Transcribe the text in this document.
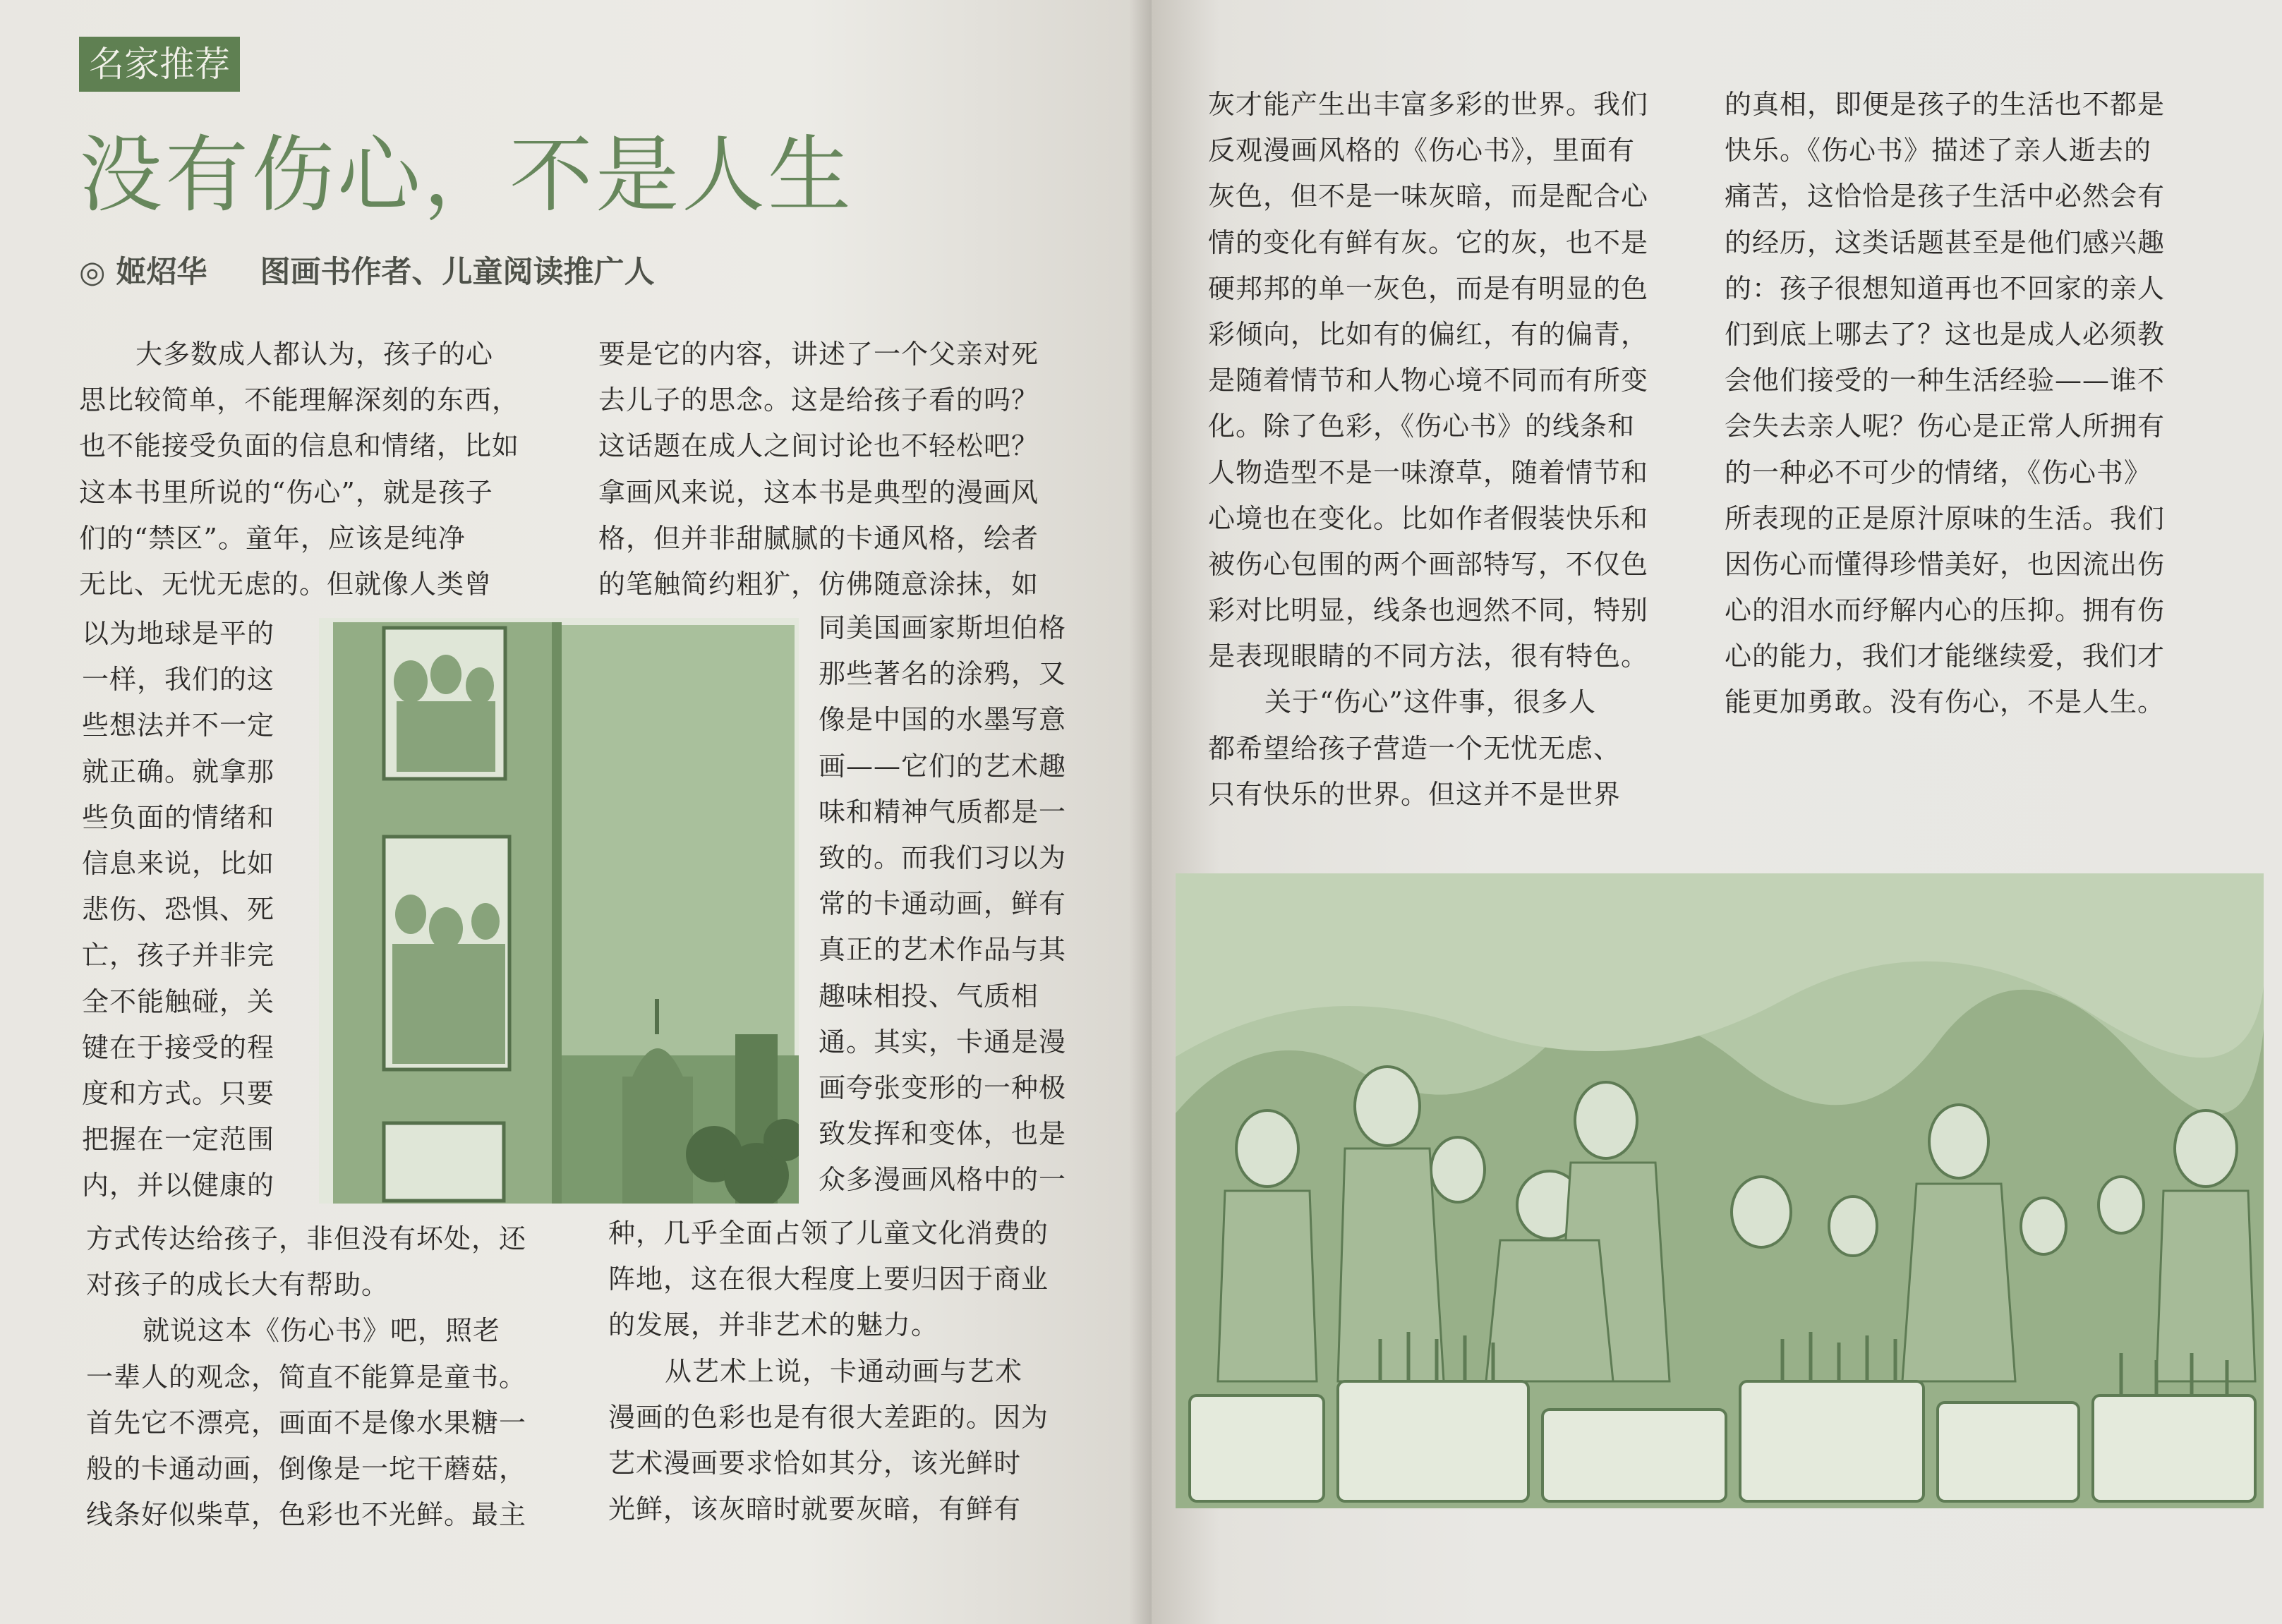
名家推荐
没有伤心，不是人生
◎ 姬炤华 图画书作者、儿童阅读推广人
大多数成人都认为，孩子的心
思比较简单，不能理解深刻的东西，
也不能接受负面的信息和情绪，比如
这本书里所说的“伤心”，就是孩子
们的“禁区”。童年，应该是纯净
无比、无忧无虑的。但就像人类曾
以为地球是平的
一样，我们的这
些想法并不一定
就正确。就拿那
些负面的情绪和
信息来说，比如
悲伤、恐惧、死
亡，孩子并非完
全不能触碰，关
键在于接受的程
度和方式。只要
把握在一定范围
内，并以健康的
方式传达给孩子，非但没有坏处，还
对孩子的成长大有帮助。
就说这本《伤心书》吧，照老
一辈人的观念，简直不能算是童书。
首先它不漂亮，画面不是像水果糖一
般的卡通动画，倒像是一坨干蘑菇，
线条好似柴草，色彩也不光鲜。最主
要是它的内容，讲述了一个父亲对死
去儿子的思念。这是给孩子看的吗？
这话题在成人之间讨论也不轻松吧？
拿画风来说，这本书是典型的漫画风
格，但并非甜腻腻的卡通风格，绘者
的笔触简约粗犷，仿佛随意涂抹，如
同美国画家斯坦伯格
那些著名的涂鸦，又
像是中国的水墨写意
画——它们的艺术趣
味和精神气质都是一
致的。而我们习以为
常的卡通动画，鲜有
真正的艺术作品与其
趣味相投、气质相
通。其实，卡通是漫
画夸张变形的一种极
致发挥和变体，也是
众多漫画风格中的一
种，几乎全面占领了儿童文化消费的
阵地，这在很大程度上要归因于商业
的发展，并非艺术的魅力。
从艺术上说，卡通动画与艺术
漫画的色彩也是有很大差距的。因为
艺术漫画要求恰如其分，该光鲜时
光鲜，该灰暗时就要灰暗，有鲜有
灰才能产生出丰富多彩的世界。我们
反观漫画风格的《伤心书》，里面有
灰色，但不是一味灰暗，而是配合心
情的变化有鲜有灰。它的灰，也不是
硬邦邦的单一灰色，而是有明显的色
彩倾向，比如有的偏红，有的偏青，
是随着情节和人物心境不同而有所变
化。除了色彩，《伤心书》的线条和
人物造型不是一味潦草，随着情节和
心境也在变化。比如作者假装快乐和
被伤心包围的两个画部特写，不仅色
彩对比明显，线条也迥然不同，特别
是表现眼睛的不同方法，很有特色。
关于“伤心”这件事，很多人
都希望给孩子营造一个无忧无虑、
只有快乐的世界。但这并不是世界
的真相，即便是孩子的生活也不都是
快乐。《伤心书》描述了亲人逝去的
痛苦，这恰恰是孩子生活中必然会有
的经历，这类话题甚至是他们感兴趣
的：孩子很想知道再也不回家的亲人
们到底上哪去了？这也是成人必须教
会他们接受的一种生活经验——谁不
会失去亲人呢？伤心是正常人所拥有
的一种必不可少的情绪，《伤心书》
所表现的正是原汁原味的生活。我们
因伤心而懂得珍惜美好，也因流出伤
心的泪水而纾解内心的压抑。拥有伤
心的能力，我们才能继续爱，我们才
能更加勇敢。没有伤心，不是人生。
